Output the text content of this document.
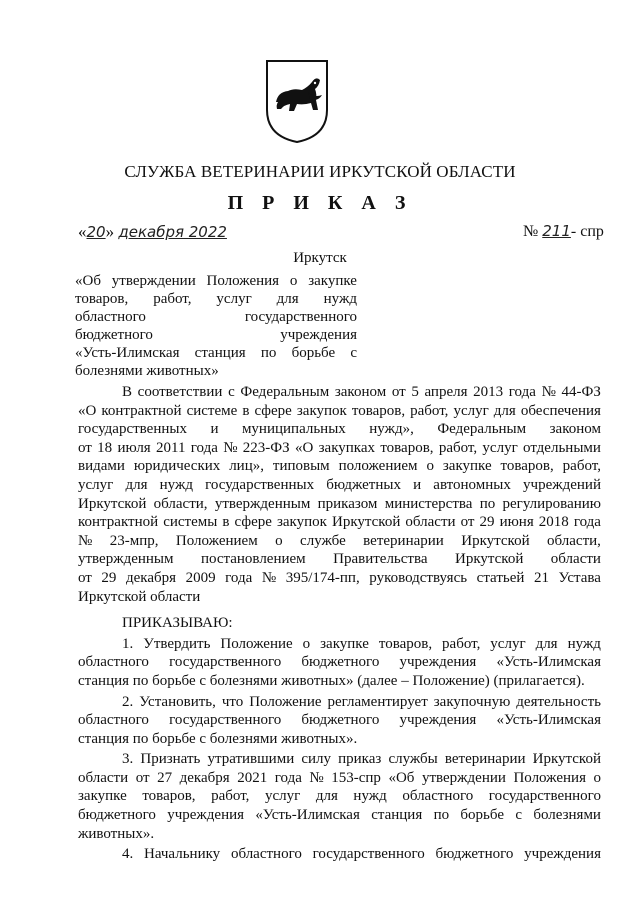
СЛУЖБА ВЕТЕРИНАРИИ ИРКУТСКОЙ ОБЛАСТИ
П Р И К А З
«20» декабря 2022	№ 211- спр
Иркутск
«Об утверждении Положения о закупке
товаров, работ, услуг для нужд
областного	государственного
бюджетного	учреждения
«Усть-Илимская станция по борьбе с
болезнями животных»
В соответствии с Федеральным законом от 5 апреля 2013 года № 44-ФЗ
«О контрактной системе в сфере закупок товаров, работ, услуг для обеспечения
государственных и муниципальных нужд», Федеральным законом
от 18 июля 2011 года № 223-ФЗ «О закупках товаров, работ, услуг отдельными
видами юридических лиц», типовым положением о закупке товаров, работ,
услуг для нужд государственных бюджетных и автономных учреждений
Иркутской области, утвержденным приказом министерства по регулированию
контрактной системы в сфере закупок Иркутской области от 29 июня 2018 года
№ 23-мпр, Положением о службе ветеринарии Иркутской области,
утвержденным постановлением Правительства Иркутской области
от 29 декабря 2009 года № 395/174-пп, руководствуясь статьей 21 Устава
Иркутской области
ПРИКАЗЫВАЮ:
1. Утвердить Положение о закупке товаров, работ, услуг для нужд
областного государственного бюджетного учреждения «Усть-Илимская
станция по борьбе с болезнями животных» (далее – Положение) (прилагается).
2. Установить, что Положение регламентирует закупочную деятельность
областного государственного бюджетного учреждения «Усть-Илимская
станция по борьбе с болезнями животных».
3. Признать утратившими силу приказ службы ветеринарии Иркутской
области от 27 декабря 2021 года № 153-спр «Об утверждении Положения о
закупке товаров, работ, услуг для нужд областного государственного
бюджетного учреждения «Усть-Илимская станция по борьбе с болезнями
животных».
4. Начальнику областного государственного бюджетного учреждения
